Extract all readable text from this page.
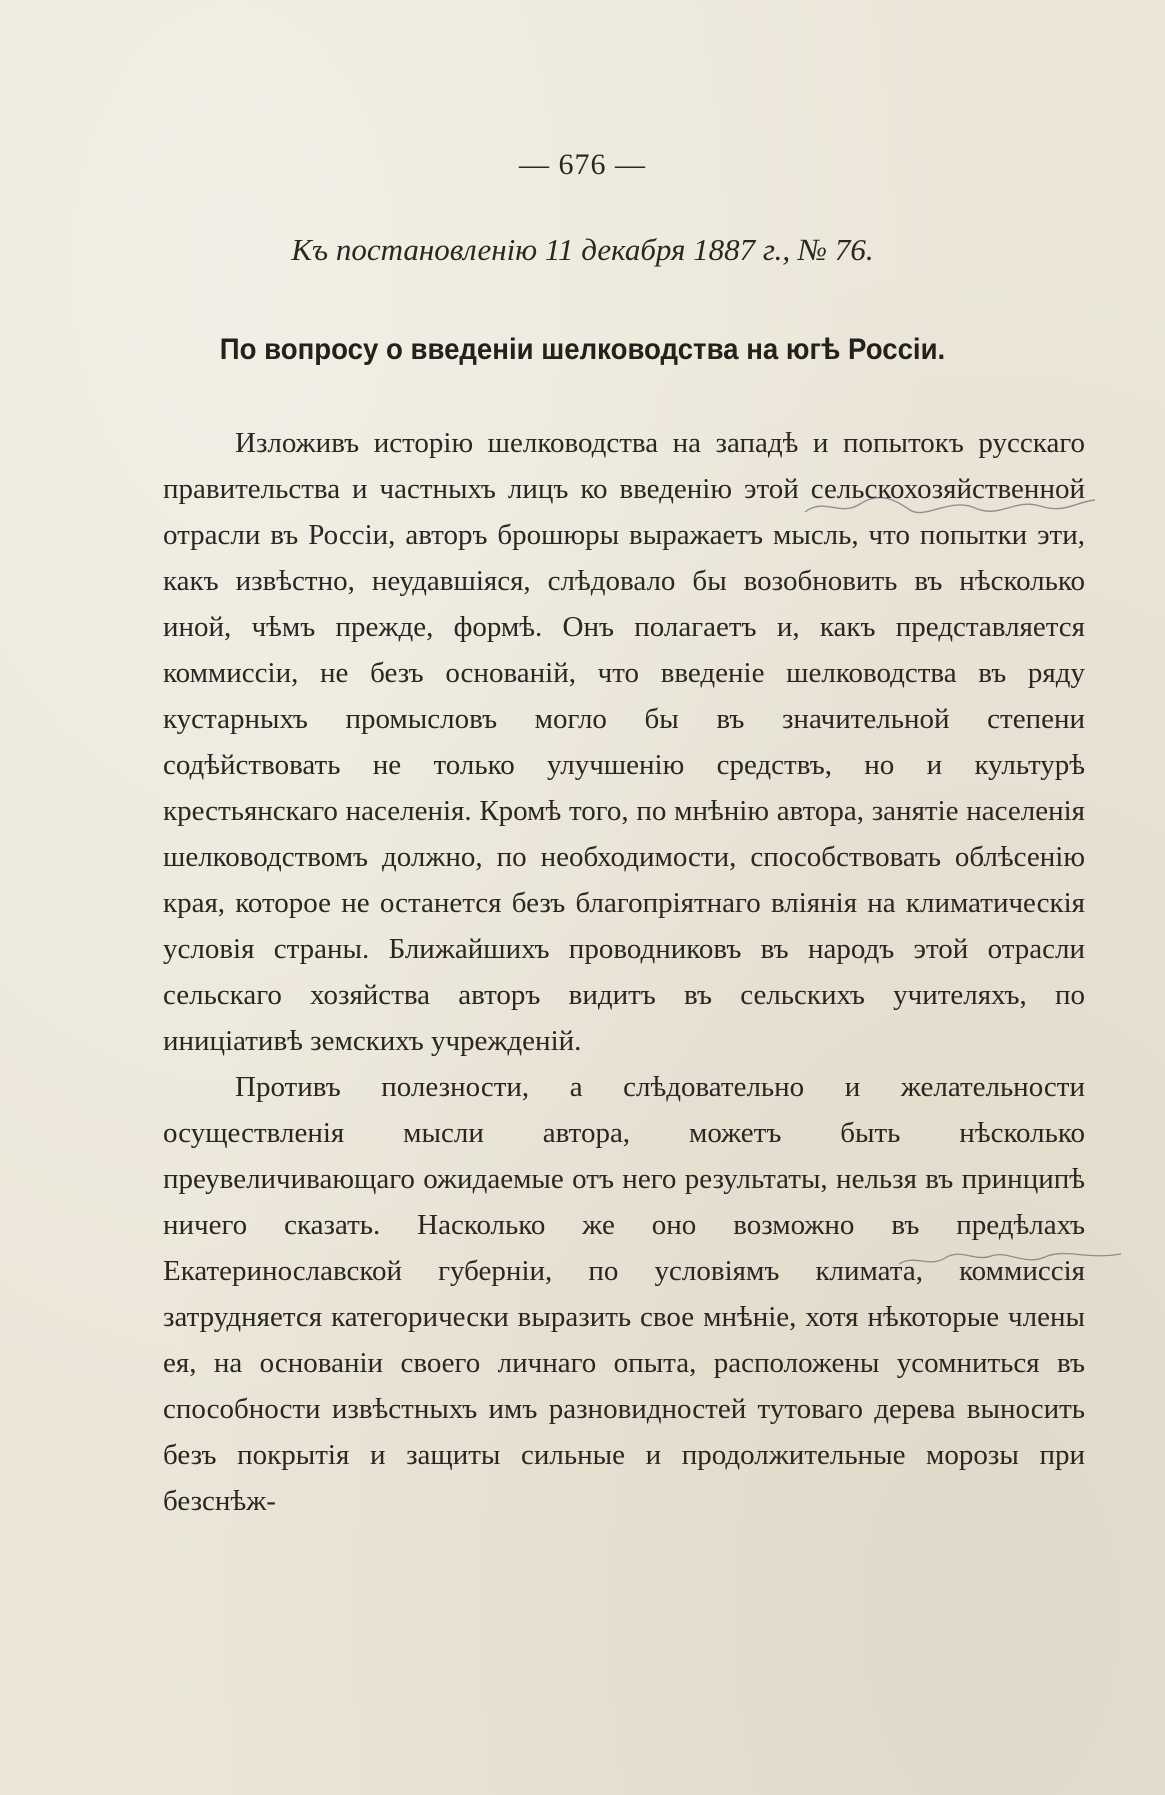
— 676 —
Къ постановленію 11 декабря 1887 г., № 76.
По вопросу о введеніи шелководства на югѣ Россіи.

Изложивъ исторію шелководства на западѣ и попытокъ русскаго правительства и частныхъ лицъ ко введенію этой сельскохозяйственной отрасли въ Россіи, авторъ брошюры выражаетъ мысль, что попытки эти, какъ извѣстно, неудавшіяся, слѣдовало бы возобновить въ нѣсколько иной, чѣмъ прежде, формѣ. Онъ полагаетъ и, какъ представляется коммиссіи, не безъ основаній, что введеніе шелководства въ ряду кустарныхъ промысловъ могло бы въ значительной степени содѣйствовать не только улучшенію средствъ, но и культурѣ крестьянскаго населенія. Кромѣ того, по мнѣнію автора, занятіе населенія шелководствомъ должно, по необходимости, способствовать облѣсенію края, которое не останется безъ благопріятнаго вліянія на климатическія условія страны. Ближайшихъ проводниковъ въ народъ этой отрасли сельскаго хозяйства авторъ видитъ въ сельскихъ учителяхъ, по иниціативѣ земскихъ учрежденій.

Противъ полезности, а слѣдовательно и желательности осуществленія мысли автора, можетъ быть нѣсколько преувеличивающаго ожидаемые отъ него результаты, нельзя въ принципѣ ничего сказать. Насколько же оно возможно въ предѣлахъ Екатеринославской губерніи, по условіямъ климата, коммиссія затрудняется категорически выразить свое мнѣніе, хотя нѣкоторые члены ея, на основаніи своего личнаго опыта, расположены усомниться въ способности извѣстныхъ имъ разновидностей тутоваго дерева выносить безъ покрытія и защиты сильные и продолжительные морозы при безснѣж-
